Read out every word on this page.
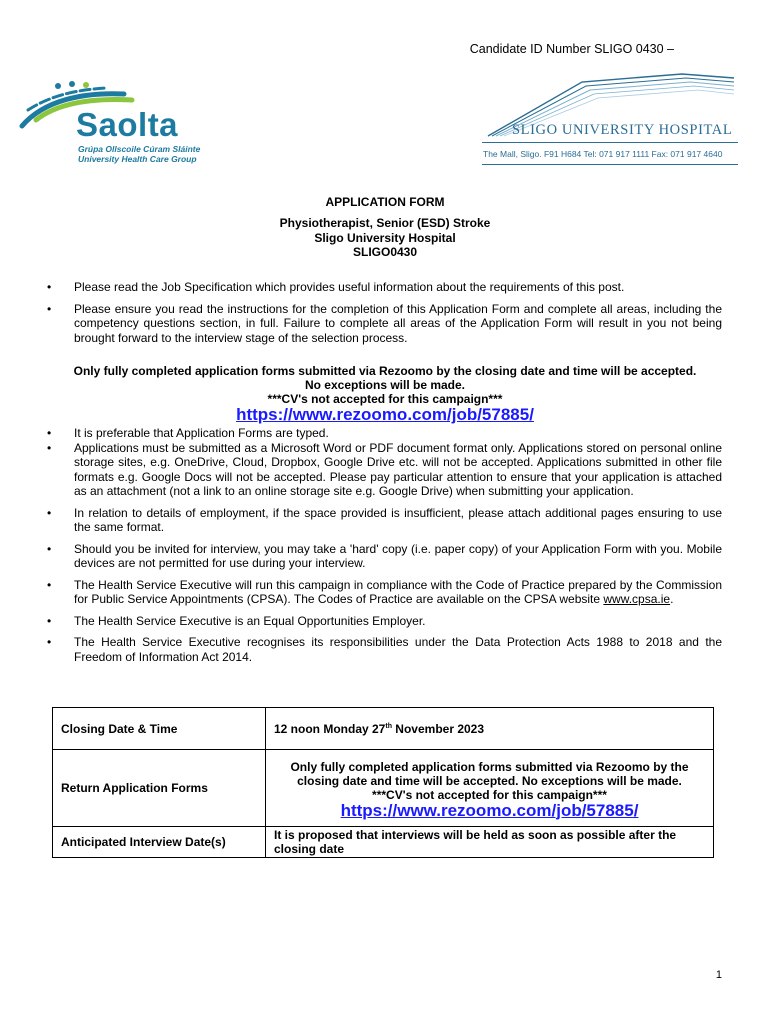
Candidate ID Number SLIGO 0430 –
Saolta
Grúpa Ollscoile Cúram Sláinte
University Health Care Group
SLIGO UNIVERSITY HOSPITAL
The Mall, Sligo. F91 H684 Tel: 071 917 1111 Fax: 071 917 4640
APPLICATION FORM
Physiotherapist, Senior (ESD) Stroke
Sligo University Hospital
SLIGO0430
• Please read the Job Specification which provides useful information about the requirements of this post.
• Please ensure you read the instructions for the completion of this Application Form and complete all areas, including the competency questions section, in full. Failure to complete all areas of the Application Form will result in you not being brought forward to the interview stage of the selection process.
Only fully completed application forms submitted via Rezoomo by the closing date and time will be accepted.
No exceptions will be made.
***CV's not accepted for this campaign***
https://www.rezoomo.com/job/57885/
• It is preferable that Application Forms are typed.
• Applications must be submitted as a Microsoft Word or PDF document format only. Applications stored on personal online storage sites, e.g. OneDrive, Cloud, Dropbox, Google Drive etc. will not be accepted. Applications submitted in other file formats e.g. Google Docs will not be accepted. Please pay particular attention to ensure that your application is attached as an attachment (not a link to an online storage site e.g. Google Drive) when submitting your application.
• In relation to details of employment, if the space provided is insufficient, please attach additional pages ensuring to use the same format.
• Should you be invited for interview, you may take a 'hard' copy (i.e. paper copy) of your Application Form with you. Mobile devices are not permitted for use during your interview.
• The Health Service Executive will run this campaign in compliance with the Code of Practice prepared by the Commission for Public Service Appointments (CPSA). The Codes of Practice are available on the CPSA website www.cpsa.ie.
• The Health Service Executive is an Equal Opportunities Employer.
• The Health Service Executive recognises its responsibilities under the Data Protection Acts 1988 to 2018 and the Freedom of Information Act 2014.
Closing Date & Time	12 noon Monday 27th November 2023
Return Application Forms	Only fully completed application forms submitted via Rezoomo by the closing date and time will be accepted. No exceptions will be made.
***CV's not accepted for this campaign***
https://www.rezoomo.com/job/57885/

Anticipated Interview Date(s)	It is proposed that interviews will be held as soon as possible after the closing date
1
